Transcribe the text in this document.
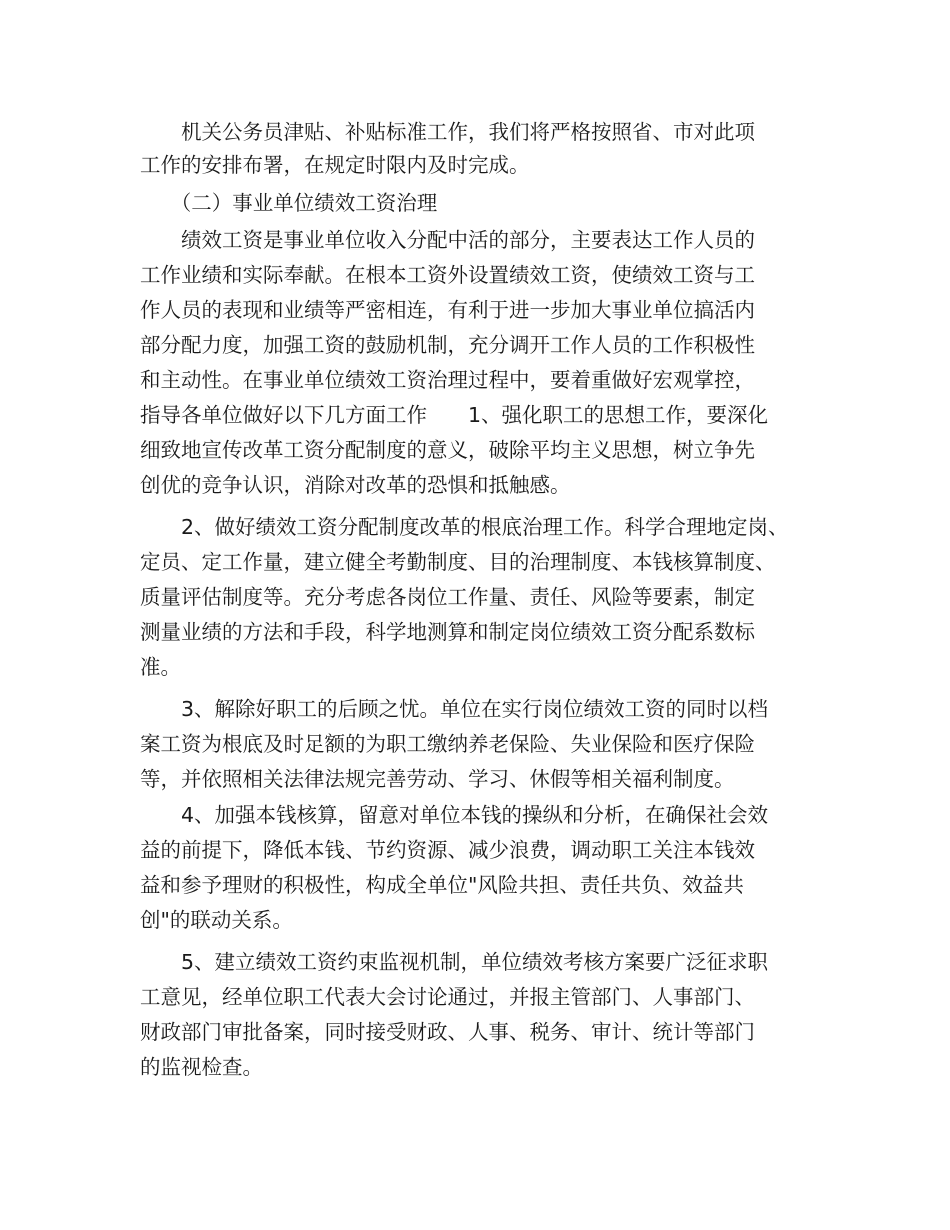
　　机关公务员津贴、补贴标准工作，我们将严格按照省、市对此项
工作的安排布署，在规定时限内及时完成。
　　（二）事业单位绩效工资治理
　　绩效工资是事业单位收入分配中活的部分，主要表达工作人员的
工作业绩和实际奉献。在根本工资外设置绩效工资，使绩效工资与工
作人员的表现和业绩等严密相连，有利于进一步加大事业单位搞活内
部分配力度，加强工资的鼓励机制，充分调开工作人员的工作积极性
和主动性。在事业单位绩效工资治理过程中，要着重做好宏观掌控，
指导各单位做好以下几方面工作　　1、强化职工的思想工作，要深化
细致地宣传改革工资分配制度的意义，破除平均主义思想，树立争先
创优的竞争认识，消除对改革的恐惧和抵触感。
　　2、做好绩效工资分配制度改革的根底治理工作。科学合理地定岗、
定员、定工作量，建立健全考勤制度、目的治理制度、本钱核算制度、
质量评估制度等。充分考虑各岗位工作量、责任、风险等要素，制定
测量业绩的方法和手段，科学地测算和制定岗位绩效工资分配系数标
准。
　　3、解除好职工的后顾之忧。单位在实行岗位绩效工资的同时以档
案工资为根底及时足额的为职工缴纳养老保险、失业保险和医疗保险
等，并依照相关法律法规完善劳动、学习、休假等相关福利制度。
　　4、加强本钱核算，留意对单位本钱的操纵和分析，在确保社会效
益的前提下，降低本钱、节约资源、减少浪费，调动职工关注本钱效
益和参予理财的积极性，构成全单位"风险共担、责任共负、效益共
创"的联动关系。
　　5、建立绩效工资约束监视机制，单位绩效考核方案要广泛征求职
工意见，经单位职工代表大会讨论通过，并报主管部门、人事部门、
财政部门审批备案，同时接受财政、人事、税务、审计、统计等部门
的监视检查。
